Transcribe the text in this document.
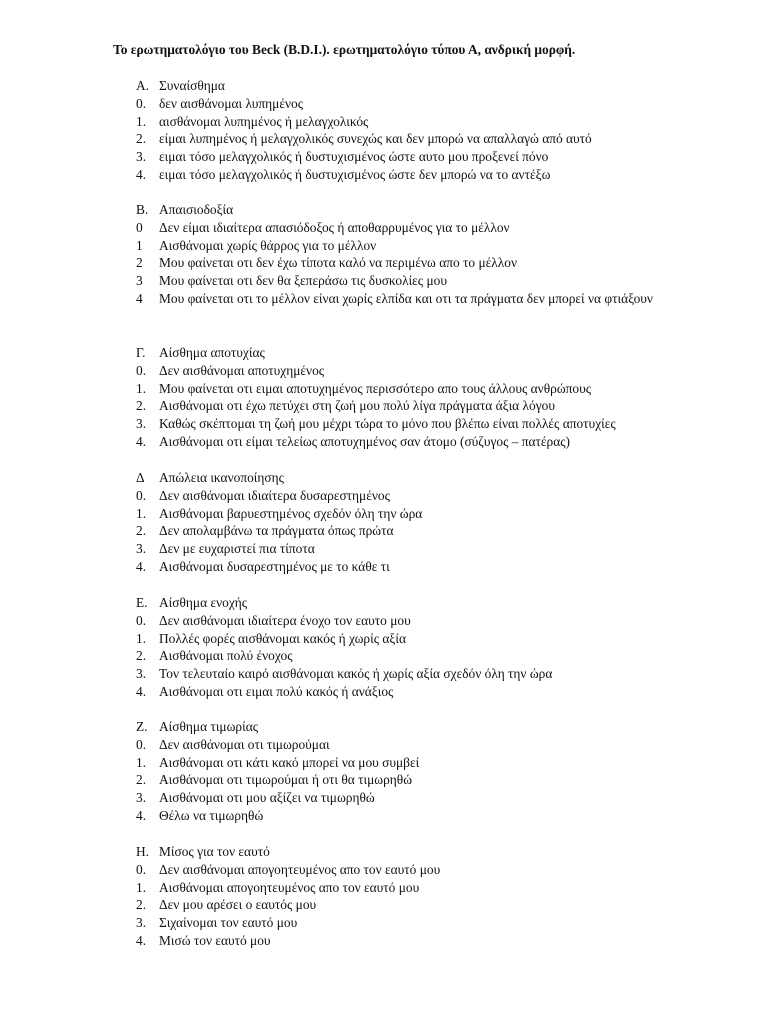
Το ερωτηματολόγιο του Beck (B.D.I.). ερωτηματολόγιο τύπου Α, ανδρική μορφή.
Α. Συναίσθημα
0. δεν αισθάνομαι λυπημένος
1. αισθάνομαι λυπημένος ή μελαγχολικός
2. είμαι λυπημένος ή μελαγχολικός συνεχώς και δεν μπορώ να απαλλαγώ από αυτό
3. ειμαι τόσο μελαγχολικός ή δυστυχισμένος ώστε αυτο μου προξενεί πόνο
4. ειμαι τόσο μελαγχολικός ή δυστυχισμένος ώστε δεν μπορώ να το αντέξω
Β. Απαισιοδοξία
0	Δεν είμαι ιδιαίτερα απασιόδοξος ή αποθαρρυμένος για το μέλλον
1	Αισθάνομαι χωρίς θάρρος για το μέλλον
2	Μου φαίνεται οτι δεν έχω τίποτα καλό να περιμένω απο το μέλλον
3	Μου φαίνεται οτι δεν θα ξεπεράσω τις δυσκολίες μου
4	Μου φαίνεται οτι το μέλλον είναι χωρίς ελπίδα και οτι τα πράγματα δεν μπορεί να φτιάξουν
Γ.	Αίσθημα αποτυχίας
0. Δεν αισθάνομαι αποτυχημένος
1. Μου φαίνεται οτι ειμαι αποτυχημένος περισσότερο απο τους άλλους ανθρώπους
2. Αισθάνομαι οτι έχω πετύχει στη ζωή μου πολύ λίγα πράγματα άξια λόγου
3. Καθώς σκέπτομαι τη ζωή μου μέχρι τώρα το μόνο που βλέπω είναι πολλές αποτυχίες
4. Αισθάνομαι οτι είμαι τελείως αποτυχημένος σαν άτομο (σύζυγος – πατέρας)
Δ	Απώλεια ικανοποίησης
0. Δεν αισθάνομαι ιδιαίτερα δυσαρεστημένος
1. Αισθάνομαι βαρυεστημένος σχεδόν όλη την ώρα
2. Δεν απολαμβάνω τα πράγματα όπως πρώτα
3. Δεν με ευχαριστεί πια τίποτα
4. Αισθάνομαι δυσαρεστημένος με το κάθε τι
Ε. Αίσθημα ενοχής
0. Δεν αισθάνομαι ιδιαίτερα ένοχο τον εαυτο μου
1. Πολλές φορές αισθάνομαι κακός ή χωρίς αξία
2. Αισθάνομαι πολύ ένοχος
3. Τον τελευταίο καιρό αισθάνομαι κακός ή χωρίς αξία σχεδόν όλη την ώρα
4. Αισθάνομαι οτι ειμαι πολύ κακός ή ανάξιος
Ζ. Αίσθημα τιμωρίας
0. Δεν αισθάνομαι οτι τιμωρούμαι
1. Αισθάνομαι οτι κάτι κακό μπορεί να μου συμβεί
2. Αισθάνομαι οτι τιμωρούμαι ή οτι θα τιμωρηθώ
3. Αισθάνομαι οτι μου αξίζει να τιμωρηθώ
4. Θέλω να τιμωρηθώ
Η. Μίσος για τον εαυτό
0. Δεν αισθάνομαι απογοητευμένος απο τον εαυτό μου
1. Αισθάνομαι απογοητευμένος απο τον εαυτό μου
2. Δεν μου αρέσει ο εαυτός μου
3. Σιχαίνομαι τον εαυτό μου
4. Μισώ τον εαυτό μου
